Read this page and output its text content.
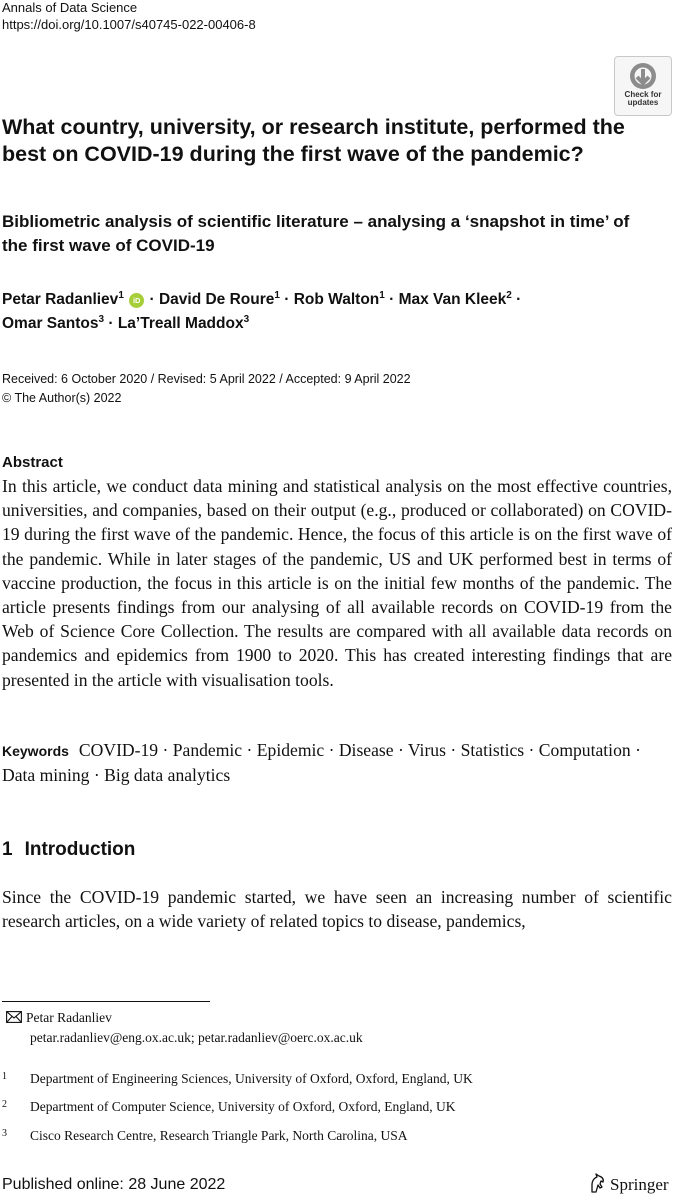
Annals of Data Science
https://doi.org/10.1007/s40745-022-00406-8
Check for
updates
What country, university, or research institute, performed the best on COVID-19 during the first wave of the pandemic?
Bibliometric analysis of scientific literature – analysing a ‘snapshot in time’ of the first wave of COVID-19
Petar Radanliev$^1$ iD · David De Roure$^1$ · Rob Walton$^1$ · Max Van Kleek$^2$ ·
Omar Santos$^3$ · La’Treall Maddox$^3$
Received: 6 October 2020 / Revised: 5 April 2022 / Accepted: 9 April 2022
© The Author(s) 2022
Abstract

In this article, we conduct data mining and statistical analysis on the most effective countries, universities, and companies, based on their output (e.g., produced or collaborated) on COVID-19 during the first wave of the pandemic. Hence, the focus of this article is on the first wave of the pandemic. While in later stages of the pandemic, US and UK performed best in terms of vaccine production, the focus in this article is on the initial few months of the pandemic. The article presents findings from our analysing of all available records on COVID-19 from the Web of Science Core Collection. The results are compared with all available data records on pandemics and epidemics from 1900 to 2020. This has created interesting findings that are presented in the article with visualisation tools.

Keywords COVID-19 · Pandemic · Epidemic · Disease · Virus · Statistics · Computation · Data mining · Big data analytics
1 Introduction

Since the COVID-19 pandemic started, we have seen an increasing number of scientific research articles, on a wide variety of related topics to disease, pandemics,

Petar Radanliev
petar.radanliev@eng.ox.ac.uk; petar.radanliev@oerc.ox.ac.uk
1 Department of Engineering Sciences, University of Oxford, Oxford, England, UK
2 Department of Computer Science, University of Oxford, Oxford, England, UK
3 Cisco Research Centre, Research Triangle Park, North Carolina, USA
Published online: 28 June 2022	Springer
